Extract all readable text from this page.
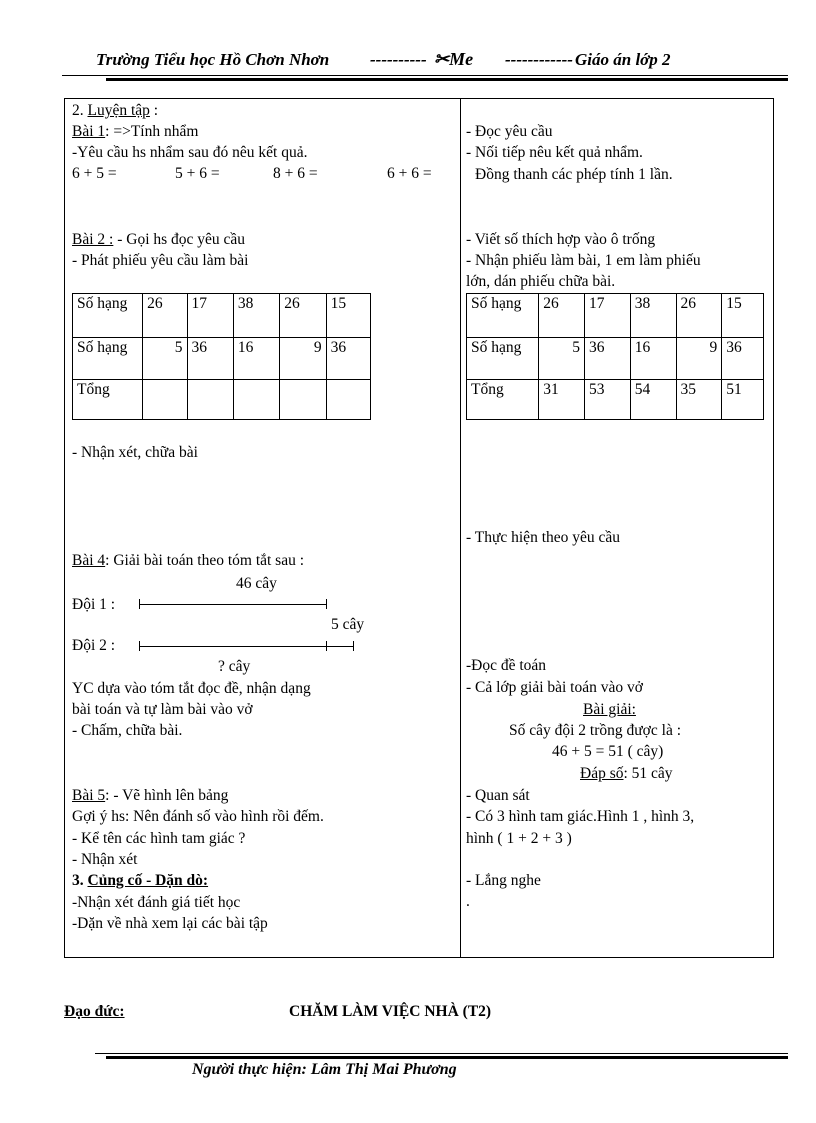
Trường Tiểu học Hồ Chơn Nhơn ---------- ✂Me ------------ Giáo án lớp 2
2. Luyện tập :
Bài 1: =>Tính nhẩm
-Yêu cầu hs nhẩm sau đó nêu kết quả.
6 + 5 =	5 + 6 =	8 + 6 =	6 + 6 =
Bài 2 : - Gọi hs đọc yêu cầu
- Phát phiếu yêu cầu làm bài
Số hạng	26	17	38	26	15
Số hạng	5	36	16	9	36
Tổng					
- Nhận xét, chữa bài
Bài 4: Giải bài toán theo tóm tắt sau :
46 cây
Đội 1 :
5 cây
Đội 2 :
? cây
YC dựa vào tóm tắt đọc đề, nhận dạng
bài toán và tự làm bài vào vở
- Chấm, chữa bài.
Bài 5: - Vẽ hình lên bảng
Gợi ý hs: Nên đánh số vào hình rồi đếm.
- Kể tên các hình tam giác ?
- Nhận xét
3. Củng cố - Dặn dò:
-Nhận xét đánh giá tiết học
-Dặn về nhà xem lại các bài tập
- Đọc yêu cầu
- Nối tiếp nêu kết quả nhẩm.
Đồng thanh các phép tính 1 lần.
- Viết số thích hợp vào ô trống
- Nhận phiếu làm bài, 1 em làm phiếu
lớn, dán phiếu chữa bài.
Số hạng	26	17	38	26	15
Số hạng	5	36	16	9	36
Tổng	31	53	54	35	51
- Thực hiện theo yêu cầu
-Đọc đề toán
- Cả lớp giải bài toán vào vở
Bài giải:
Số cây đội 2 trồng được là :
46 + 5 = 51 ( cây)
Đáp số: 51 cây
- Quan sát
- Có 3 hình tam giác.Hình 1 , hình 3,
hình ( 1 + 2 + 3 )
- Lắng nghe
.
Đạo đức:	CHĂM LÀM VIỆC NHÀ (T2)
Người thực hiện: Lâm Thị Mai Phương
